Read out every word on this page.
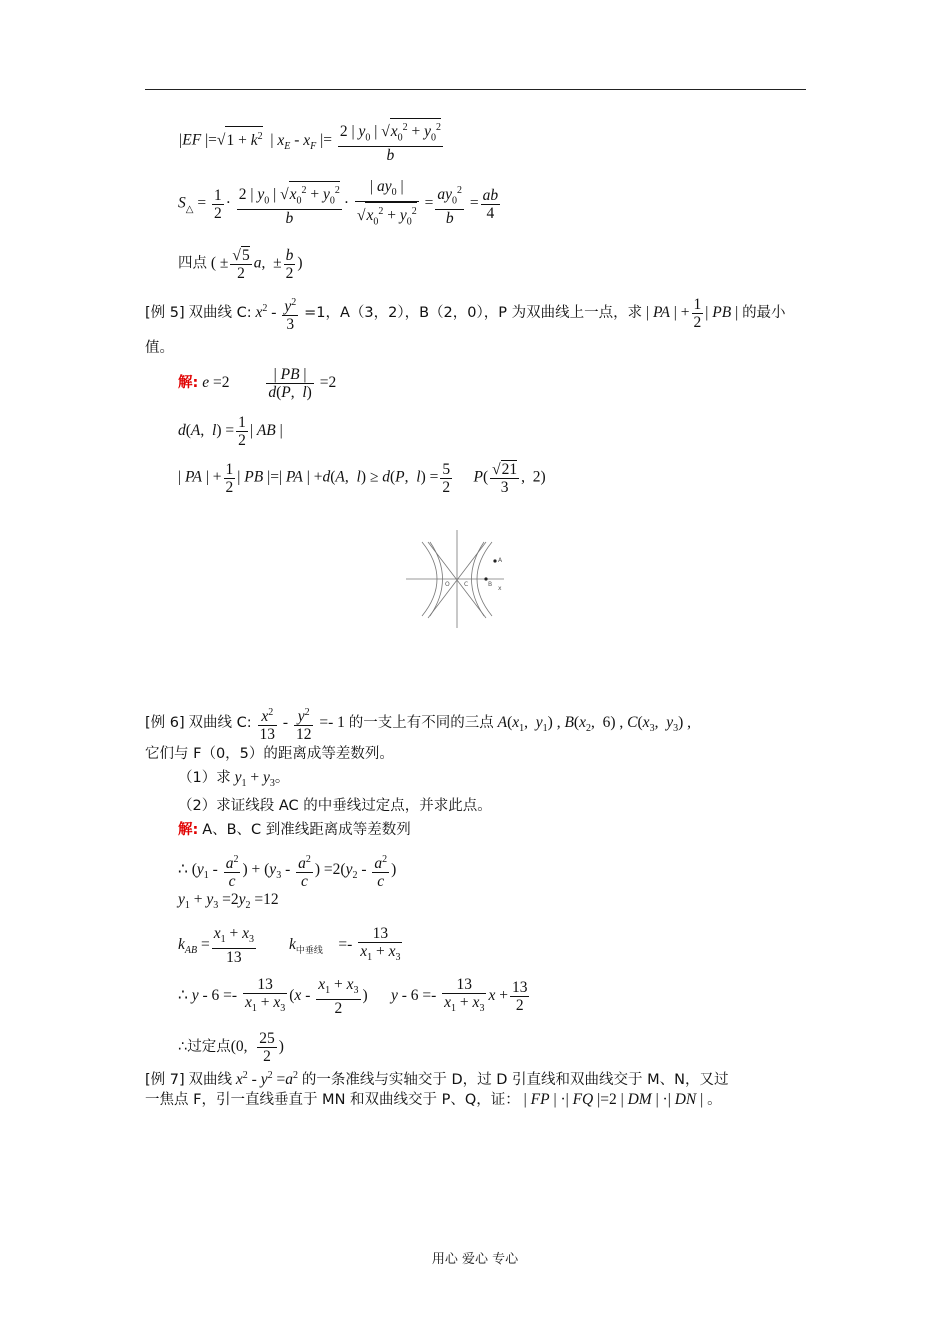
|EF $|=√1 + k^2$  | $x_E - x_F$ |= $\frac{2 | y_0 | √x_0^2 + y_0^2}{b}$
$S_\triangle = \frac{1}{2} \cdot \frac{2 | y_0 | √x_0^2 + y_0^2}{b} \cdot \frac{| ay_0 |}{√x_0^2 + y_0^2} = \frac{ay_0^2}{b} = \frac{ab}{4}$
四点 ( ± $\frac{√5}{2} a$,  ± $\frac{b}{2}$ )
[例 5] 双曲线 C: $x^2 - \frac{y^2}{3} =1$，A（3，2），B（2，0），P 为双曲线上一点，求 | PA | + $\frac{1}{2}$ | PB | 的最小
值。
解: $e =2 \frac{| PB |}{d(P, l)} =2$
d(A,  $l) = \frac{1}{2}$ | AB |
| PA | + $\frac{1}{2}$ | PB |=| PA | +d(A,  l) ≥ d(P,  $l) = \frac{5}{2} P( \frac{√21}{3}$ ,  2)
A
B
O C
x
[例 6] 双曲线 C: $\frac{x^2}{13} - \frac{y^2}{12} =- 1$ 的一支上有不同的三点 $A(x_1$,  $y_1$) , $B(x_2$,  6) , $C(x_3$,  $y_3$) ,
它们与 F（0，5）的距离成等差数列。
（1）求 $y_1 + y_3$。
（2）求证线段 AC 的中垂线过定点，并求此点。
解: A、B、C 到准线距离成等差数列
∴ ($y_1 - \frac{a^2}{c}$ ) + ($y_3 - \frac{a^2}{c}$ ) $=2(y_2 - \frac{a^2}{c}$ )
$y_1 + y_3 =2y_2 =12$
$k_{AB} = \frac{x_1 + x_3}{13} k_{中垂线}$    =- $\frac{13}{x_1 + x_3}$
∴ $y - 6 =- \frac{13}{x_1 + x_3} (x - \frac{x_1 + x_3}{2}$ )      $y - 6 =- \frac{13}{x_1 + x_3}$ $x + \frac{13}{2}$
∴过定点(0, $\frac{25}{2}$ )
[例 7] 双曲线 $x^2 - y^2 =a^2$ 的一条准线与实轴交于 D，过 D 引直线和双曲线交于 M、N，又过
一焦点 F，引一直线垂直于 MN 和双曲线交于 P、Q，证： | FP | ·| FQ |=2 | DM | ·| DN | 。
用心 爱心 专心
